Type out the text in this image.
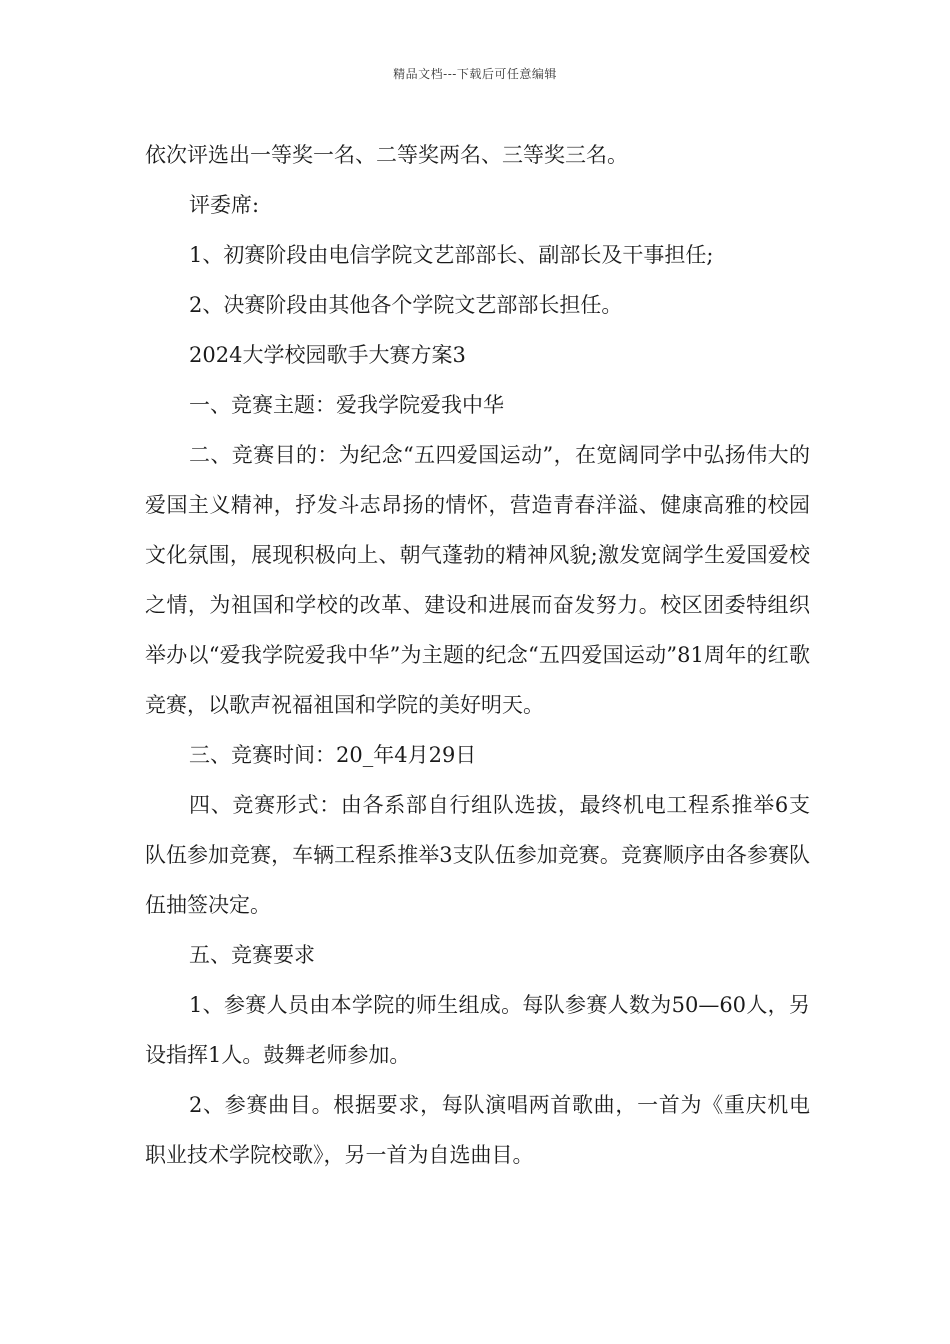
精品文档---下载后可任意编辑

依次评选出一等奖一名、二等奖两名、三等奖三名。

评委席:

1、初赛阶段由电信学院文艺部部长、副部长及干事担任;

2、决赛阶段由其他各个学院文艺部部长担任。

2024大学校园歌手大赛方案3

一、竞赛主题：爱我学院爱我中华

二、竞赛目的：为纪念“五四爱国运动”，在宽阔同学中弘扬伟大的爱国主义精神，抒发斗志昂扬的情怀，营造青春洋溢、健康高雅的校园文化氛围，展现积极向上、朝气蓬勃的精神风貌;激发宽阔学生爱国爱校之情，为祖国和学校的改革、建设和进展而奋发努力。校区团委特组织举办以“爱我学院爱我中华”为主题的纪念“五四爱国运动”81周年的红歌竞赛，以歌声祝福祖国和学院的美好明天。

三、竞赛时间：20_年4月29日

四、竞赛形式：由各系部自行组队选拔，最终机电工程系推举6支队伍参加竞赛，车辆工程系推举3支队伍参加竞赛。竞赛顺序由各参赛队伍抽签决定。

五、竞赛要求

1、参赛人员由本学院的师生组成。每队参赛人数为50—60人，另设指挥1人。鼓舞老师参加。

2、参赛曲目。根据要求，每队演唱两首歌曲，一首为《重庆机电职业技术学院校歌》，另一首为自选曲目。
